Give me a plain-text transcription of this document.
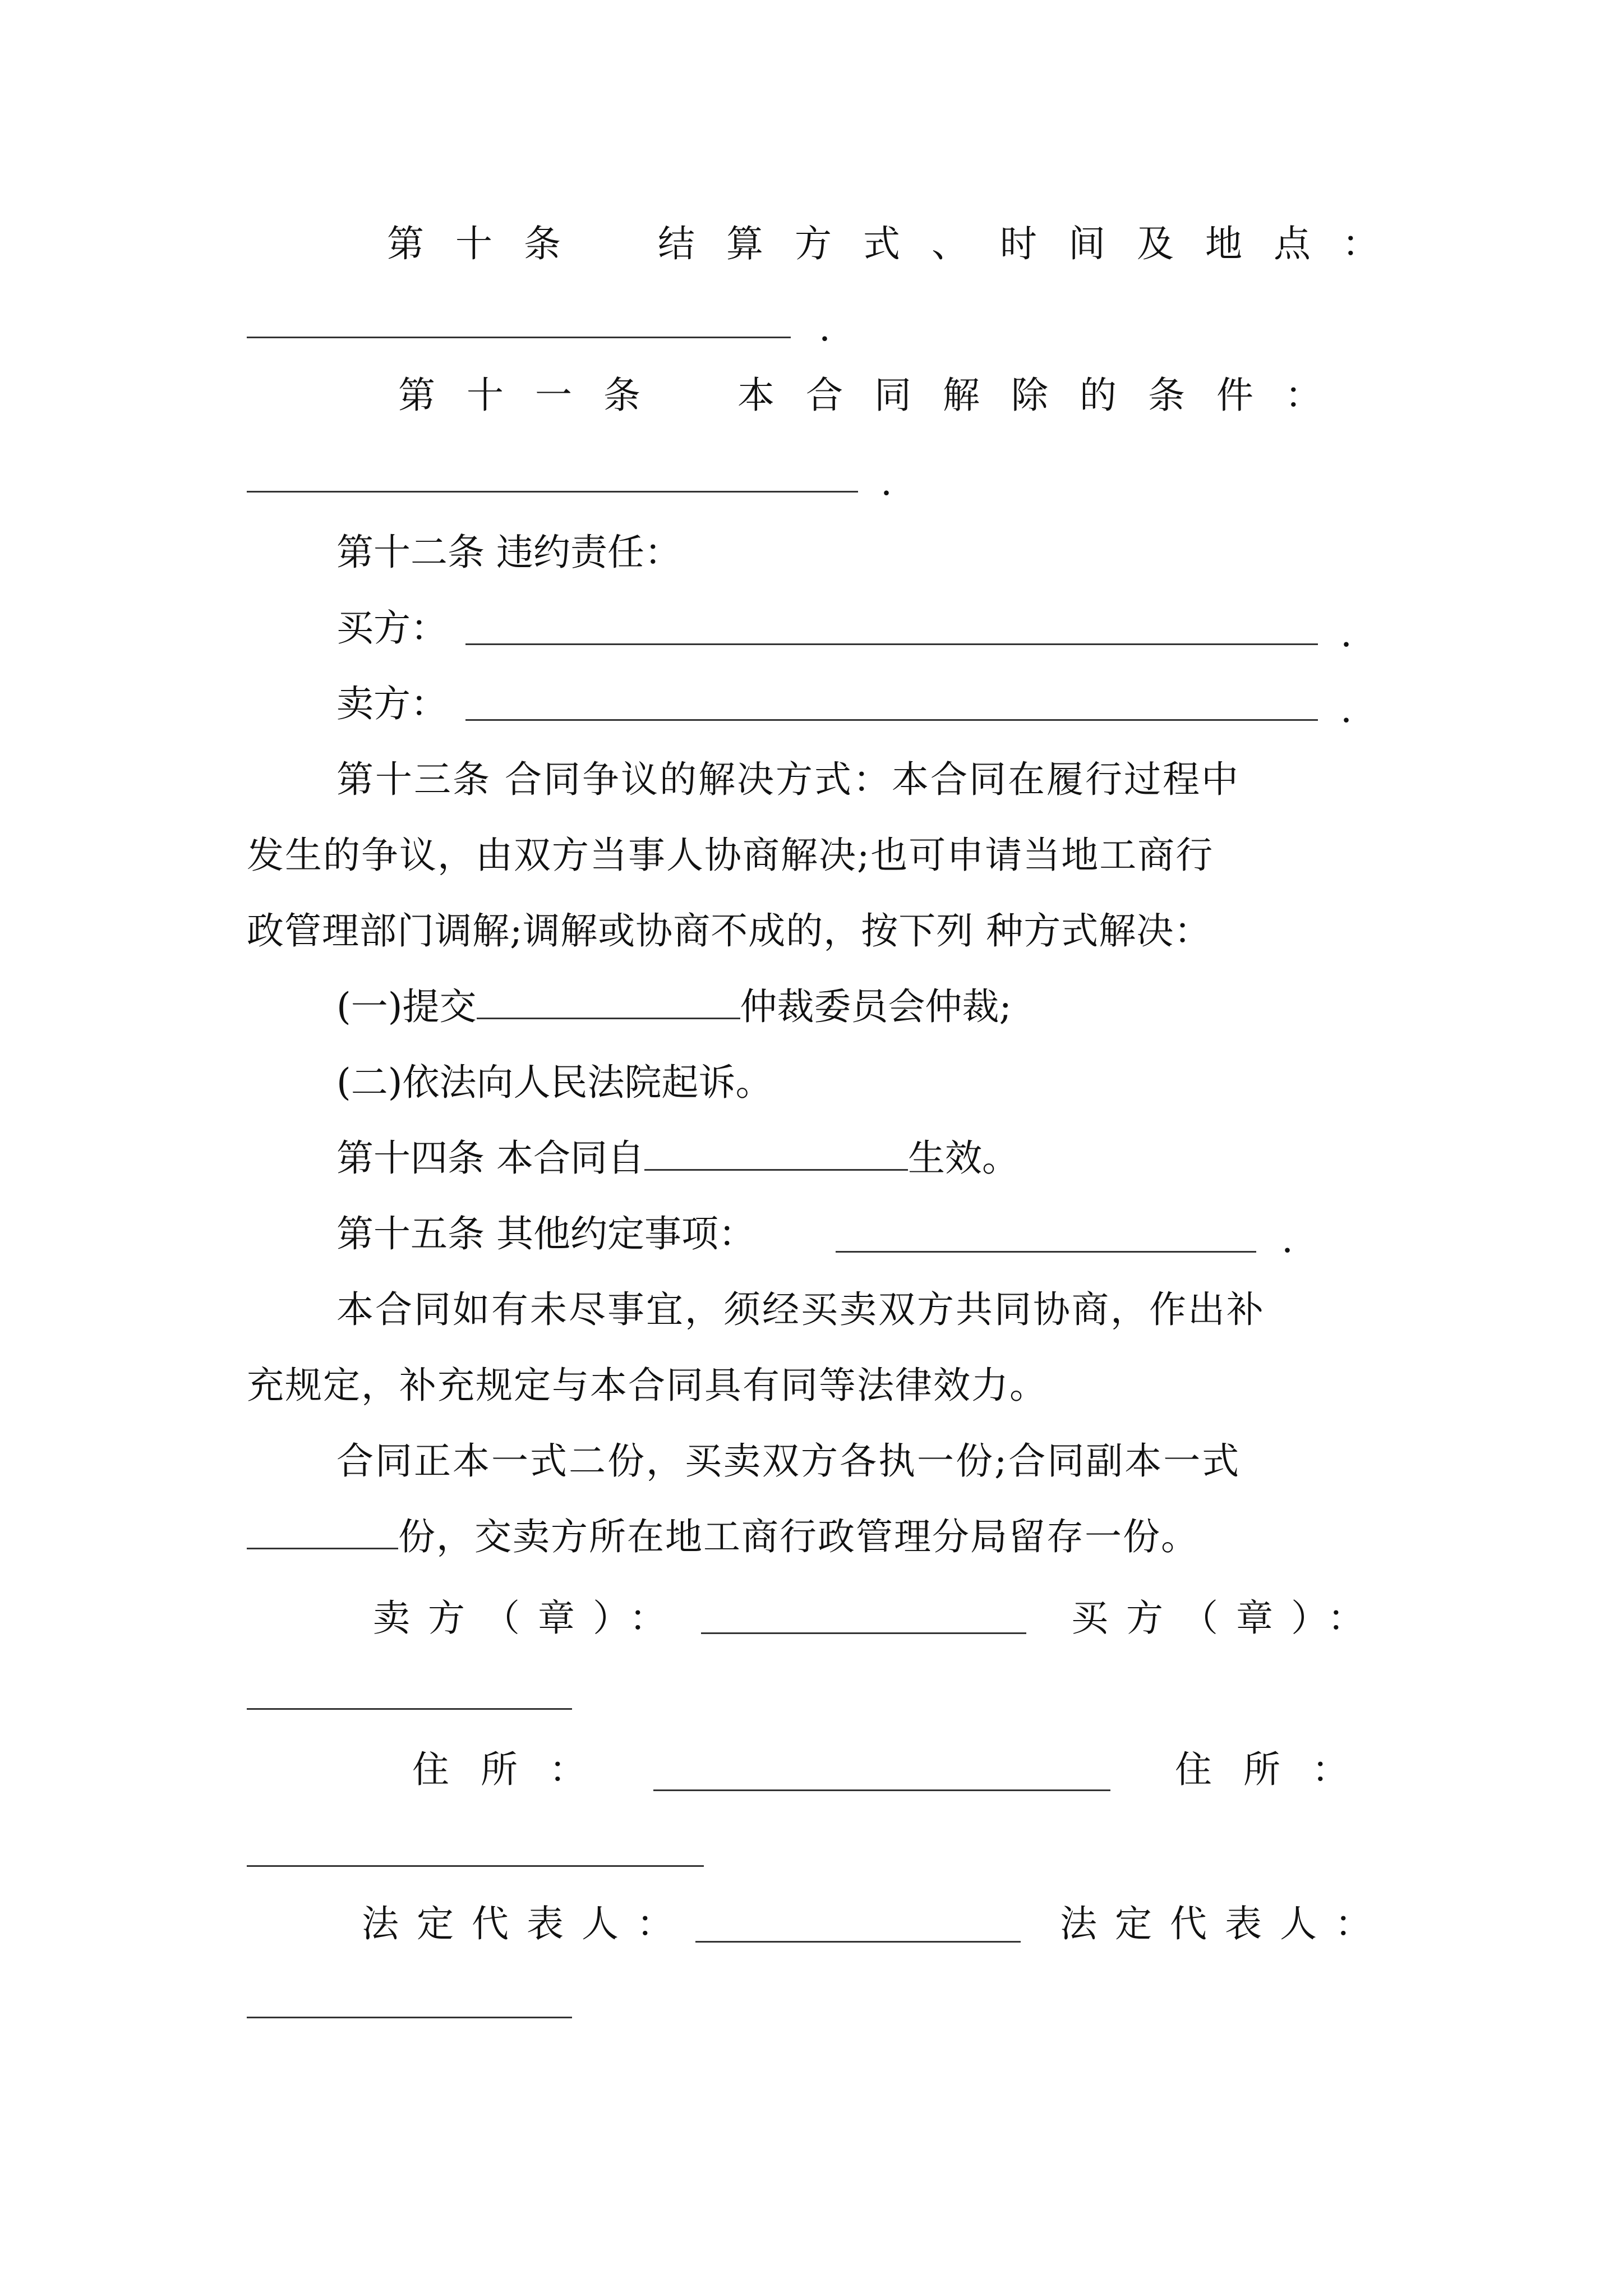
第十条 结算方式、时间及地点：
.
第十一条 本合同解除的条件：
.
第十二条 违约责任：
买方：	.
卖方：	.
第十三条 合同争议的解决方式：本合同在履行过程中
发生的争议，由双方当事人协商解决;也可申请当地工商行
政管理部门调解;调解或协商不成的，按下列 种方式解决：
(一)提交	仲裁委员会仲裁;
(二)依法向人民法院起诉。
第十四条 本合同自	生效。
第十五条 其他约定事项：	.
本合同如有未尽事宜，须经买卖双方共同协商，作出补
充规定，补充规定与本合同具有同等法律效力。
合同正本一式二份，买卖双方各执一份;合同副本一式
份，交卖方所在地工商行政管理分局留存一份。
卖方（章）：	买方（章）：
住所：	住所：
法定代表人：	法定代表人：
